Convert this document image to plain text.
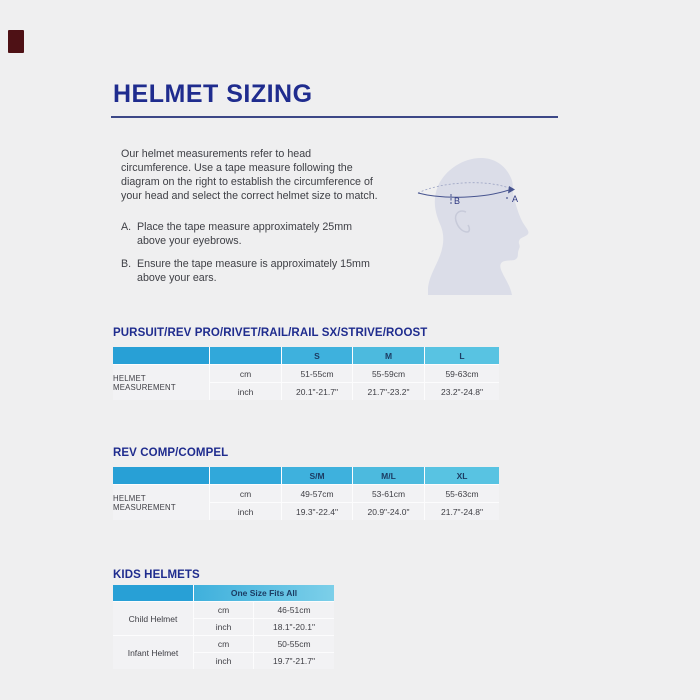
HELMET SIZING
Our helmet measurements refer to head
circumference. Use a tape measure following the
diagram on the right to establish the circumference of
your head and select the correct helmet size to match.
A. Place the tape measure approximately 25mm
above your eyebrows.
B. Ensure the tape measure is approximately 15mm
above your ears.
B	A
PURSUIT/REV PRO/RIVET/RAIL/RAIL SX/STRIVE/ROOST
S	M	L
HELMET MEASUREMENT
cm	51-55cm	55-59cm	59-63cm
inch	20.1"-21.7"	21.7"-23.2"	23.2"-24.8"
REV COMP/COMPEL
S/M	M/L	XL
HELMET MEASUREMENT
cm	49-57cm	53-61cm	55-63cm
inch	19.3"-22.4"	20.9"-24.0"	21.7"-24.8"
KIDS HELMETS
One Size Fits All
Child Helmet
cm	46-51cm
inch	18.1"-20.1"
Infant Helmet
cm	50-55cm
inch	19.7"-21.7"
